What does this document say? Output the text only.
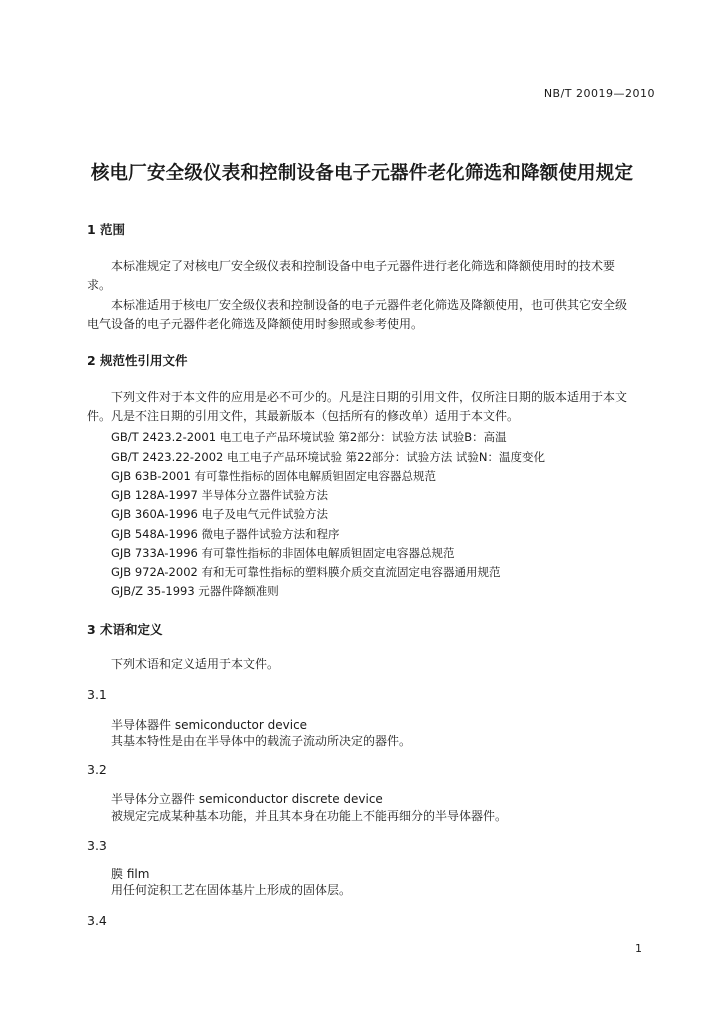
NB/T 20019—2010
核电厂安全级仪表和控制设备电子元器件老化筛选和降额使用规定
1 范围
本标准规定了对核电厂安全级仪表和控制设备中电子元器件进行老化筛选和降额使用时的技术要
求。
本标准适用于核电厂安全级仪表和控制设备的电子元器件老化筛选及降额使用，也可供其它安全级
电气设备的电子元器件老化筛选及降额使用时参照或参考使用。
2 规范性引用文件
下列文件对于本文件的应用是必不可少的。凡是注日期的引用文件，仅所注日期的版本适用于本文
件。凡是不注日期的引用文件，其最新版本（包括所有的修改单）适用于本文件。
GB/T 2423.2-2001 电工电子产品环境试验 第2部分：试验方法 试验B：高温
GB/T 2423.22-2002 电工电子产品环境试验 第22部分：试验方法 试验N：温度变化
GJB 63B-2001 有可靠性指标的固体电解质钽固定电容器总规范
GJB 128A-1997 半导体分立器件试验方法
GJB 360A-1996 电子及电气元件试验方法
GJB 548A-1996 微电子器件试验方法和程序
GJB 733A-1996 有可靠性指标的非固体电解质钽固定电容器总规范
GJB 972A-2002 有和无可靠性指标的塑料膜介质交直流固定电容器通用规范
GJB/Z 35-1993 元器件降额准则
3 术语和定义
下列术语和定义适用于本文件。
3.1
半导体器件 semiconductor device
其基本特性是由在半导体中的载流子流动所决定的器件。
3.2
半导体分立器件 semiconductor discrete device
被规定完成某种基本功能，并且其本身在功能上不能再细分的半导体器件。
3.3
膜 film
用任何淀积工艺在固体基片上形成的固体层。
3.4
1
